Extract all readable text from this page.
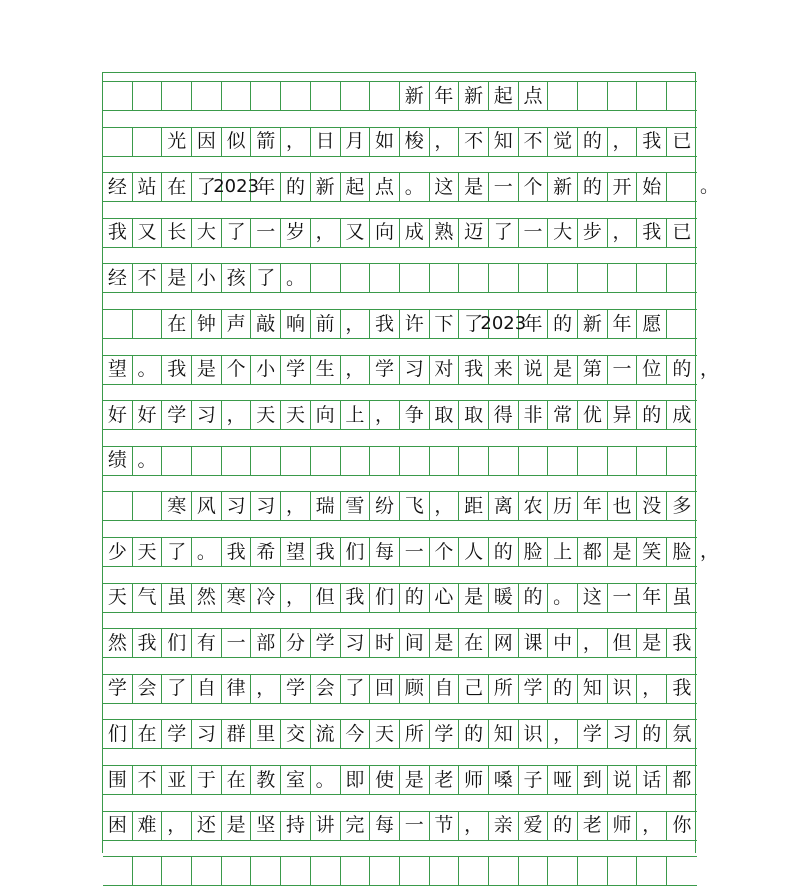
新 年 新 起 点
光 因 似 箭 ， 日 月 如 梭 ， 不 知 不 觉 的 ， 我 已
经 站 在 了
2023
年 的 新 起 点 。 这 是 一 个 新 的 开 始
我 又 长 大 了 一 岁 ， 又 向 成 熟 迈 了 一 大 步 ， 我 已
经 不 是 小 孩 了 。
在 钟 声 敲 响 前 ， 我 许 下 了
2023
年 的 新 年 愿
望 。 我 是 个 小 学 生 ， 学 习 对 我 来 说 是 第 一 位 的
好 好 学 习 ， 天 天 向 上 ， 争 取 取 得 非 常 优 异 的 成
绩 。
寒 风 习 习 ， 瑞 雪 纷 飞 ， 距 离 农 历 年 也 没 多
少 天 了 。 我 希 望 我 们 每 一 个 人 的 脸 上 都 是 笑 脸
天 气 虽 然 寒 冷 ， 但 我 们 的 心 是 暖 的 。 这 一 年 虽
然 我 们 有 一 部 分 学 习 时 间 是 在 网 课 中 ， 但 是 我
学 会 了 自 律 ， 学 会 了 回 顾 自 己 所 学 的 知 识 ， 我
们 在 学 习 群 里 交 流 今 天 所 学 的 知 识 ， 学 习 的 氛
围 不 亚 于 在 教 室 。 即 使 是 老 师 嗓 子 哑 到 说 话 都
困 难 ， 还 是 坚 持 讲 完 每 一 节 ， 亲 爱 的 老 师 ， 你
。
，
，
